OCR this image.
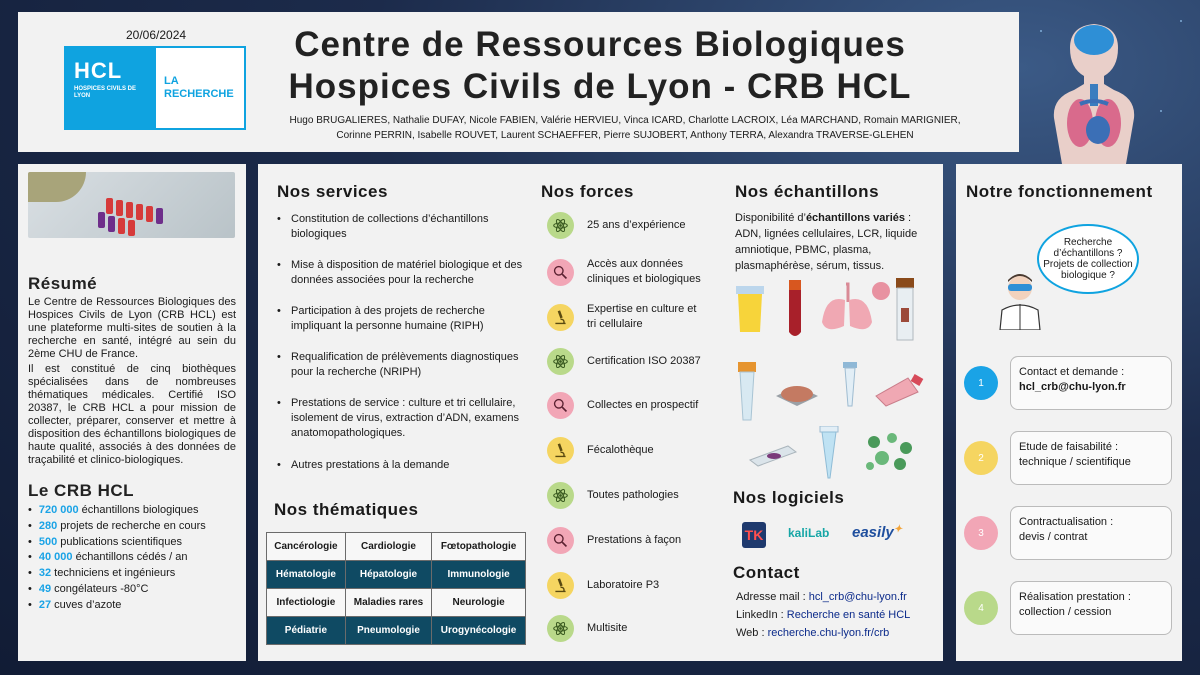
20/06/2024
HCL
HOSPICES CIVILS DE LYON
LA RECHERCHE
Centre de Ressources Biologiques
Hospices Civils de Lyon - CRB HCL
Hugo BRUGALIERES, Nathalie DUFAY, Nicole FABIEN, Valérie HERVIEU, Vinca ICARD, Charlotte LACROIX, Léa MARCHAND, Romain MARIGNIER, Corinne PERRIN, Isabelle ROUVET, Laurent SCHAEFFER, Pierre SUJOBERT, Anthony TERRA, Alexandra TRAVERSE-GLEHEN
Résumé

Le Centre de Ressources Biologiques des Hospices Civils de Lyon (CRB HCL) est une plateforme multi-sites de soutien à la recherche en santé, intégré au sein du 2ème CHU de France.

Il est constitué de cinq biothèques spécialisées dans de nombreuses thématiques médicales. Certifié ISO 20387, le CRB HCL a pour mission de collecter, préparer, conserver et mettre à disposition des échantillons biologiques de haute qualité, associés à des données de traçabilité et clinico-biologiques.

Le CRB HCL
• 720 000 échantillons biologiques
• 280 projets de recherche en cours
• 500 publications scientifiques
• 40 000 échantillons cédés / an
• 32 techniciens et ingénieurs
• 49 congélateurs -80°C
• 27 cuves d’azote
Nos services
• Constitution de collections d’échantillons biologiques
• Mise à disposition de matériel biologique et des données associées pour la recherche
• Participation à des projets de recherche impliquant la personne humaine (RIPH)
• Requalification de prélèvements diagnostiques pour la recherche (NRIPH)
• Prestations de service : culture et tri cellulaire, isolement de virus, extraction d’ADN, examens anatomopathologiques.
• Autres prestations à la demande
Nos thématiques
Cancérologie	Cardiologie	Fœtopathologie
Hématologie	Hépatologie	Immunologie
Infectiologie	Maladies rares	Neurologie
Pédiatrie	Pneumologie	Urogynécologie
Nos forces
25 ans d’expérience
Accès aux données cliniques et biologiques
Expertise en culture et tri cellulaire
Certification ISO 20387
Collectes en prospectif
Fécalothèque
Toutes pathologies
Prestations à façon
Laboratoire P3
Multisite
Nos échantillons
Disponibilité d’échantillons variés : ADN, lignées cellulaires, LCR, liquide amniotique, PBMC, plasma, plasmaphérèse, sérum, tissus.
Nos logiciels
TK kaliLab easily✦
Contact
Adresse mail : hcl_crb@chu-lyon.fr
LinkedIn : Recherche en santé HCL
Web : recherche.chu-lyon.fr/crb
Notre fonctionnement
Recherche d’échantillons ? Projets de collection biologique ?
1
Contact et demande :
hcl_crb@chu-lyon.fr
2
Etude de faisabilité :
technique / scientifique
3
Contractualisation :
devis / contrat
4
Réalisation prestation :
collection / cession
